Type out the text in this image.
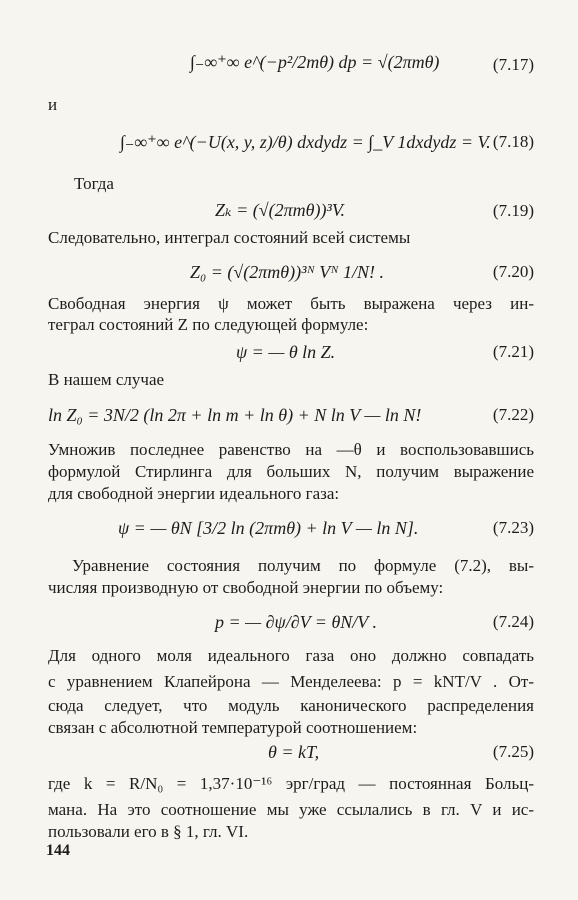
∫₋∞⁺∞ e^(−p²/2mθ) dp = √(2πmθ)	(7.17)
и
∫₋∞⁺∞ e^(−U(x, y, z)/θ) dxdydz = ∫_V 1dxdydz = V. (7.18)
Тогда
Zₖ = (√(2πmθ))³V.	(7.19)
Следовательно, интеграл состояний всей системы
Z₀ = (√(2πmθ))³ᴺ Vᴺ 1/N! .	(7.20)
Свободная энергия ψ может быть выражена через ин-
теграл состояний Z по следующей формуле:
ψ = — θ ln Z.	(7.21)
В нашем случае
ln Z₀ = 3N/2 (ln 2π + ln m + ln θ) + N ln V — ln N!	(7.22)
Умножив последнее равенство на —θ и воспользовавшись
формулой Стирлинга для больших N, получим выражение
для свободной энергии идеального газа:
ψ = — θN [3/2 ln (2πmθ) + ln V — ln N].	(7.23)
Уравнение состояния получим по формуле (7.2), вы-
числяя производную от свободной энергии по объему:
p = — ∂ψ/∂V = θN/V .	(7.24)
Для одного моля идеального газа оно должно совпадать
с уравнением Клапейрона — Менделеева: p = kNT/V . От-
сюда следует, что модуль канонического распределения
связан с абсолютной температурой соотношением:
θ = kT,	(7.25)
где k = R/N₀ = 1,37·10⁻¹⁶ эрг/град — постоянная Больц-
мана. На это соотношение мы уже ссылались в гл. V и ис-
пользовали его в § 1, гл. VI.
144
